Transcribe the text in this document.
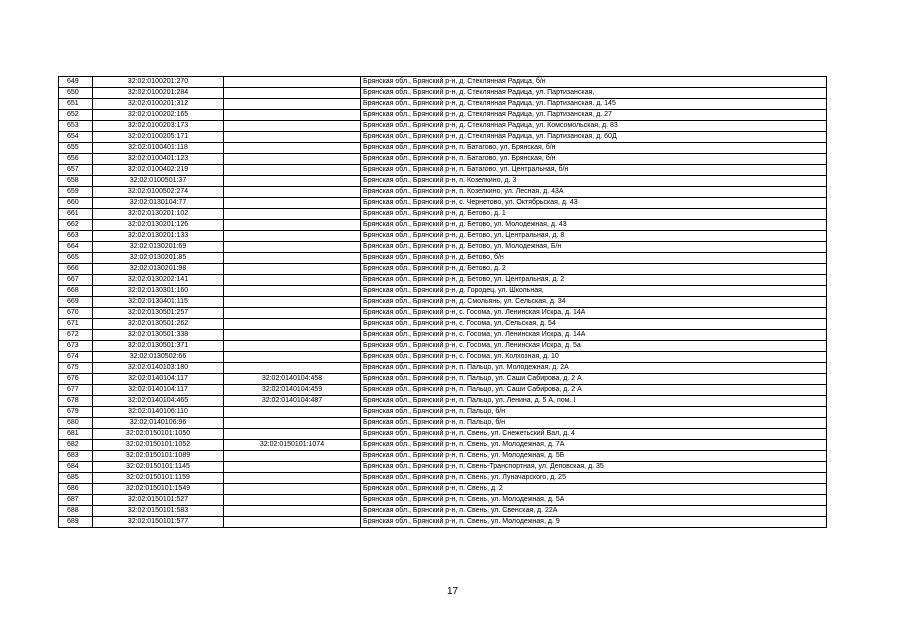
649	32:02:0100201:270		Брянская обл., Брянский р-н, д. Стеклянная Радица, б/н
650	32:02:0100201:284		Брянская обл., Брянский р-н, д. Стеклянная Радица, ул. Партизанская,
651	32:02:0100201:312		Брянская обл., Брянский р-н, д. Стеклянная Радица, ул. Партизанская, д. 145
652	32:02:0100202:165		Брянская обл., Брянский р-н, д. Стеклянная Радица, ул. Партизанская, д. 27
653	32:02:0100203:173		Брянская обл., Брянский р-н, д. Стеклянная Радица, ул. Комсомольская, д. 83
654	32:02:0100205:171		Брянская обл., Брянский р-н, д. Стеклянная Радица, ул. Партизанская, д. 60Д
655	32:02:0100401:118		Брянская обл., Брянский р-н, п. Батагово, ул. Брянская, б/н
656	32:02:0100401:123		Брянская обл., Брянский р-н, п. Батагово, ул. Брянская, б/н
657	32:02:0100402:219		Брянская обл., Брянский р-н, п. Батагово, ул. Центральная, б/н
658	32:02:0100501:37		Брянская обл., Брянский р-н, п. Козелкино, д. 3
659	32:02:0100502:274		Брянская обл., Брянский р-н, п. Козелкино, ул. Лесная, д. 43А
660	32:02:0130104:77		Брянская обл., Брянский р-н, с. Чернетово, ул. Октябрьская, д. 43
661	32:02:0130201:102		Брянская обл., Брянский р-н, д. Бетово, д. 1
662	32:02:0130201:126		Брянская обл., Брянский р-н, д. Бетово, ул. Молодежная, д. 43
663	32:02:0130201:133		Брянская обл., Брянский р-н, д. Бетово, ул. Центральная, д. 8
664	32:02:0130201:69		Брянская обл., Брянский р-н, д. Бетово, ул. Молодежная, Б/н
665	32:02:0130201:85		Брянская обл., Брянский р-н, д. Бетово, б/н
666	32:02:0130201:98		Брянская обл., Брянский р-н, д. Бетово, д. 2
667	32:02:0130202:141		Брянская обл., Брянский р-н, д. Бетово, ул. Центральная, д. 2
668	32:02:0130301:160		Брянская обл., Брянский р-н, д. Городец, ул. Школьная,
669	32:02:0130401:115		Брянская обл., Брянский р-н, д. Смольянь, ул. Сельская, д. 34
670	32:02:0130501:257		Брянская обл., Брянский р-н, с. Госома, ул. Ленинская Искра, д. 14А
671	32:02:0130501:262		Брянская обл., Брянский р-н, с. Госома, ул. Сельская, д. 54
672	32:02:0130501:338		Брянская обл., Брянский р-н, с. Госома, ул. Ленинская Искра, д. 14А
673	32:02:0130501:371		Брянская обл., Брянский р-н, с. Госома, ул. Ленинская Искра, д. 5а
674	32:02:0130502:66		Брянская обл., Брянский р-н, с. Госома, ул. Колхозная, д. 10
675	32:02:0140103:180		Брянская обл., Брянский р-н, п. Пальцо, ул. Молодежная, д. 2А
676	32:02:0140104:117	32:02:0140104:458	Брянская обл., Брянский р-н, п. Пальцо, ул. Саши Сабирова, д. 2 А
677	32:02:0140104:117	32:02:0140104:459	Брянская обл., Брянский р-н, п. Пальцо, ул. Саши Сабирова, д. 2 А
678	32:02:0140104:465	32:02:0140104:487	Брянская обл., Брянский р-н, п. Пальцо, ул. Ленина, д. 5 А, пом. I
679	32:02:0140106:110		Брянская обл., Брянский р-н, п. Пальцо, б/н
680	32:02:0140106:96		Брянская обл., Брянский р-н, п. Пальцо, б/н
681	32:02:0150101:1050		Брянская обл., Брянский р-н, п. Свень, ул. Снежетьский Вал, д. 4
682	32:02:0150101:1052	32:02:0150101:1074	Брянская обл., Брянский р-н, п. Свень, ул. Молодежная, д. 7А
683	32:02:0150101:1089		Брянская обл., Брянский р-н, п. Свень, ул. Молодежная, д. 5Б
684	32:02:0150101:1145		Брянская обл., Брянский р-н, п. Свень-Транспортная, ул. Деповская, д. 35
685	32:02:0150101:1159		Брянская обл., Брянский р-н, п. Свень, ул. Луначарского, д. 25
686	32:02:0150101:1549		Брянская обл., Брянский р-н, п. Свень, д. 2
687	32:02:0150101:527		Брянская обл., Брянский р-н, п. Свень, ул. Молодежная, д. 5А
688	32:02:0150101:583		Брянская обл., Брянский р-н, п. Свень, ул. Свенская, д. 22А
689	32:02:0150101:577		Брянская обл., Брянский р-н, п. Свень, ул. Молодежная, д. 9
17
